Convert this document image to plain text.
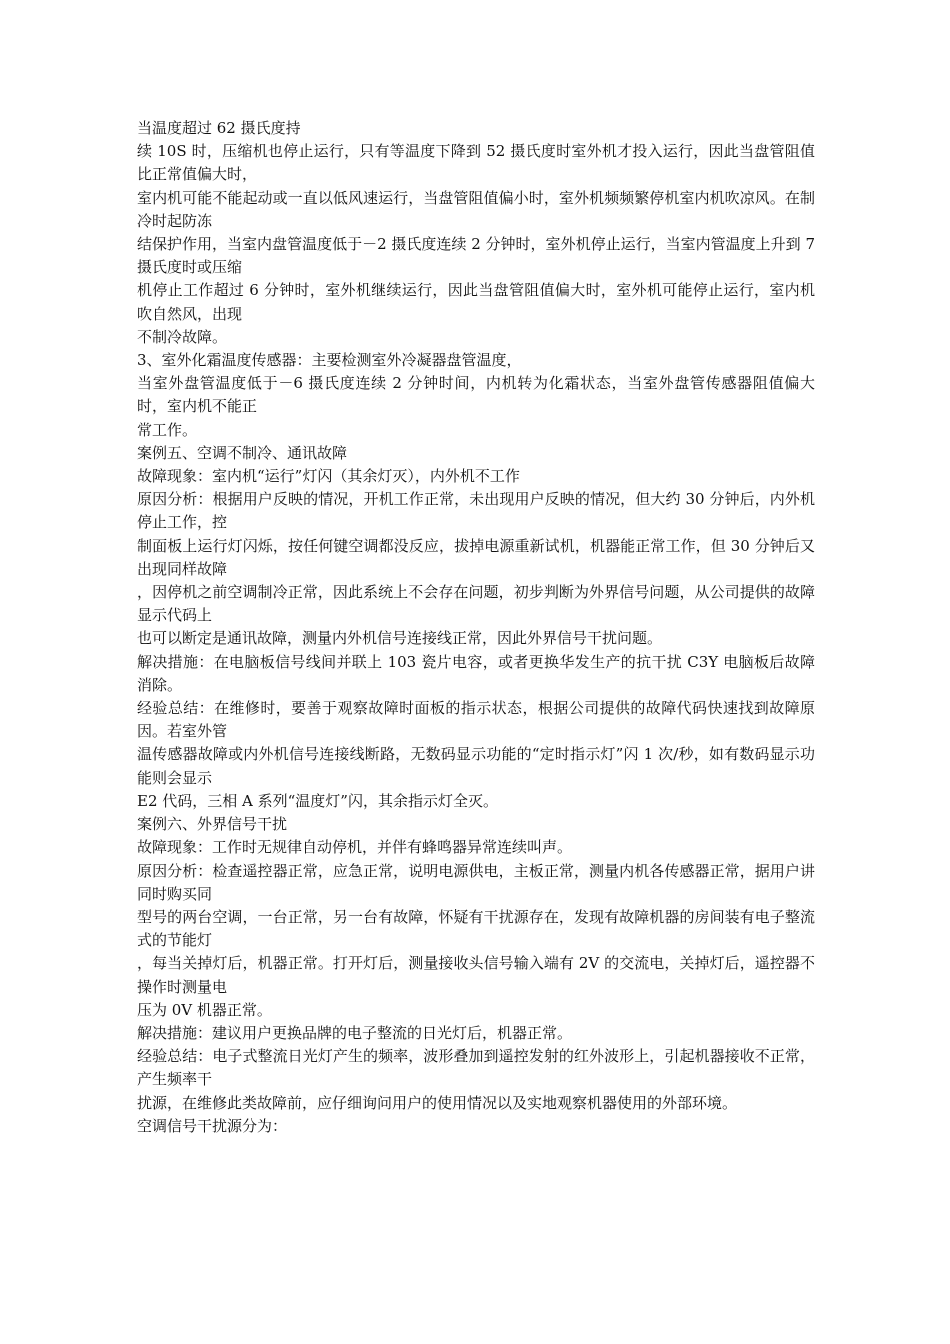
当温度超过 62 摄氏度持

续 10S 时，压缩机也停止运行，只有等温度下降到 52 摄氏度时室外机才投入运行，因此当盘管阻值比正常值偏大时，

室内机可能不能起动或一直以低风速运行，当盘管阻值偏小时，室外机频频繁停机室内机吹凉风。在制冷时起防冻

结保护作用，当室内盘管温度低于－2 摄氏度连续 2 分钟时，室外机停止运行，当室内管温度上升到 7 摄氏度时或压缩

机停止工作超过 6 分钟时，室外机继续运行，因此当盘管阻值偏大时，室外机可能停止运行，室内机吹自然风，出现

不制冷故障。

3、室外化霜温度传感器：主要检测室外冷凝器盘管温度，

当室外盘管温度低于－6 摄氏度连续 2 分钟时间，内机转为化霜状态，当室外盘管传感器阻值偏大时，室内机不能正

常工作。

案例五、空调不制冷、通讯故障

故障现象：室内机“运行”灯闪（其余灯灭），内外机不工作

原因分析：根据用户反映的情况，开机工作正常，未出现用户反映的情况，但大约 30 分钟后，内外机停止工作，控

制面板上运行灯闪烁，按任何键空调都没反应，拔掉电源重新试机，机器能正常工作，但 30 分钟后又出现同样故障

，因停机之前空调制冷正常，因此系统上不会存在问题，初步判断为外界信号问题，从公司提供的故障显示代码上

也可以断定是通讯故障，测量内外机信号连接线正常，因此外界信号干扰问题。

解决措施：在电脑板信号线间并联上 103 瓷片电容，或者更换华发生产的抗干扰 C3Y 电脑板后故障消除。

经验总结：在维修时，要善于观察故障时面板的指示状态，根据公司提供的故障代码快速找到故障原因。若室外管

温传感器故障或内外机信号连接线断路，无数码显示功能的“定时指示灯”闪 1 次/秒，如有数码显示功能则会显示

E2 代码，三相 A 系列“温度灯”闪，其余指示灯全灭。

案例六、外界信号干扰

故障现象：工作时无规律自动停机，并伴有蜂鸣器异常连续叫声。

原因分析：检查遥控器正常，应急正常，说明电源供电，主板正常，测量内机各传感器正常，据用户讲同时购买同

型号的两台空调，一台正常，另一台有故障，怀疑有干扰源存在，发现有故障机器的房间装有电子整流式的节能灯

，每当关掉灯后，机器正常。打开灯后，测量接收头信号输入端有 2V 的交流电，关掉灯后，遥控器不操作时测量电

压为 0V 机器正常。

解决措施：建议用户更换品牌的电子整流的日光灯后，机器正常。

经验总结：电子式整流日光灯产生的频率，波形叠加到遥控发射的红外波形上，引起机器接收不正常，产生频率干

扰源，在维修此类故障前，应仔细询问用户的使用情况以及实地观察机器使用的外部环境。

空调信号干扰源分为：
